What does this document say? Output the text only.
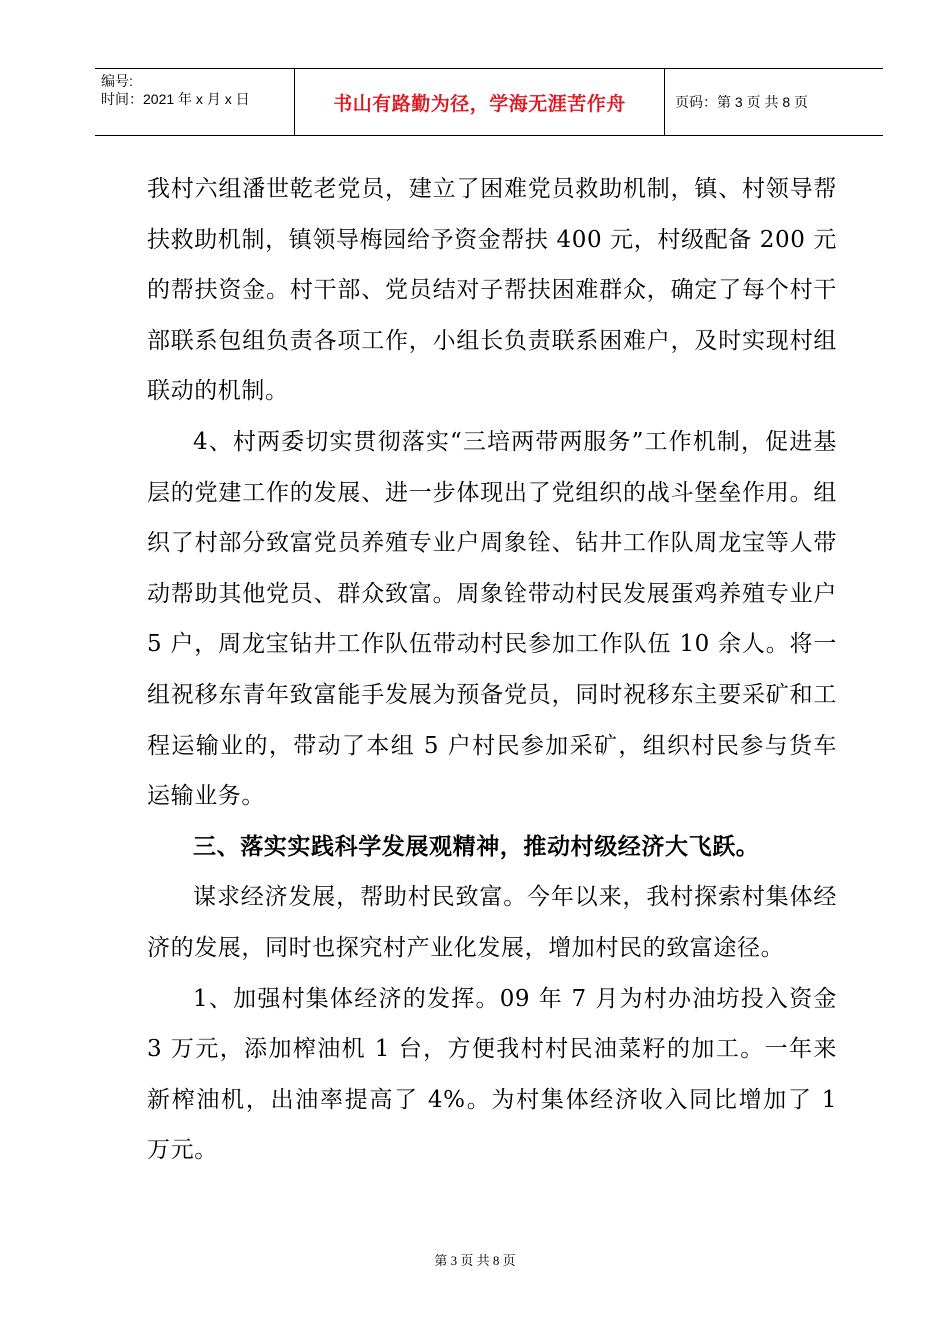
编号:
时间：2021 年 x 月 x 日	书山有路勤为径，学海无涯苦作舟	页码：第 3 页 共 8 页

我村六组潘世乾老党员，建立了困难党员救助机制，镇、村领导帮扶救助机制，镇领导梅园给予资金帮扶 400 元，村级配备 200 元的帮扶资金。村干部、党员结对子帮扶困难群众，确定了每个村干部联系包组负责各项工作，小组长负责联系困难户，及时实现村组联动的机制。

4、村两委切实贯彻落实“三培两带两服务”工作机制，促进基层的党建工作的发展、进一步体现出了党组织的战斗堡垒作用。组织了村部分致富党员养殖专业户周象铨、钻井工作队周龙宝等人带动帮助其他党员、群众致富。周象铨带动村民发展蛋鸡养殖专业户 5 户，周龙宝钻井工作队伍带动村民参加工作队伍 10 余人。将一组祝移东青年致富能手发展为预备党员，同时祝移东主要采矿和工程运输业的，带动了本组 5 户村民参加采矿，组织村民参与货车运输业务。

三、落实实践科学发展观精神，推动村级经济大飞跃。

谋求经济发展，帮助村民致富。今年以来，我村探索村集体经济的发展，同时也探究村产业化发展，增加村民的致富途径。

1、加强村集体经济的发挥。09 年 7 月为村办油坊投入资金 3 万元，添加榨油机 1 台，方便我村村民油菜籽的加工。一年来新榨油机，出油率提高了 4%。为村集体经济收入同比增加了 1 万元。

第 3 页 共 8 页
